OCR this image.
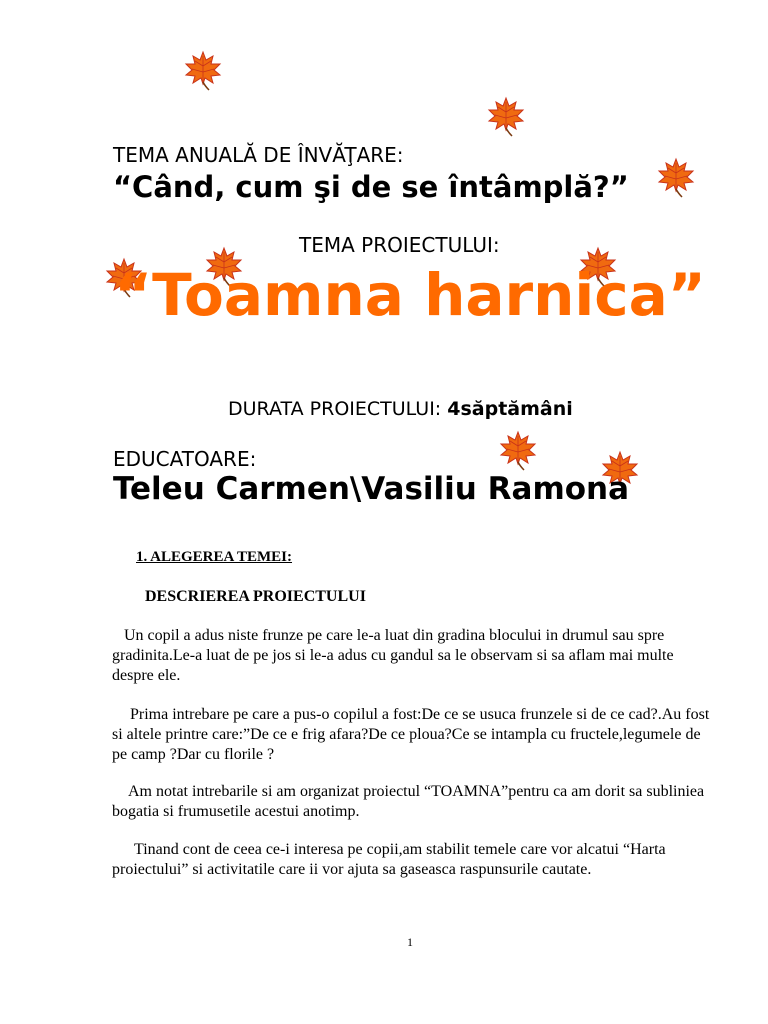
TEMA ANUALĂ DE ÎNVĂŢARE:
“Când, cum şi de se întâmplă?”
TEMA PROIECTULUI:
“Toamna harnica”
DURATA PROIECTULUI: 4săptămâni
EDUCATOARE:
Teleu Carmen\Vasiliu Ramona
1. ALEGEREA TEMEI:
DESCRIEREA PROIECTULUI
Un copil a adus niste frunze pe care le-a luat din gradina blocului in drumul sau spre gradinita.Le-a luat de pe jos si le-a adus cu gandul sa le observam si sa aflam mai multe despre ele.
Prima intrebare pe care a pus-o copilul a fost:De ce se usuca frunzele si de ce cad?.Au fost si altele printre care:”De ce e frig afara?De ce ploua?Ce se intampla cu fructele,legumele de pe camp ?Dar cu florile ?
Am notat intrebarile si am organizat proiectul “TOAMNA”pentru ca am dorit sa subliniea bogatia si frumusetile acestui anotimp.
Tinand cont de ceea ce-i interesa pe copii,am stabilit temele care vor alcatui “Harta proiectului” si activitatile care ii vor ajuta sa gaseasca raspunsurile cautate.
1
